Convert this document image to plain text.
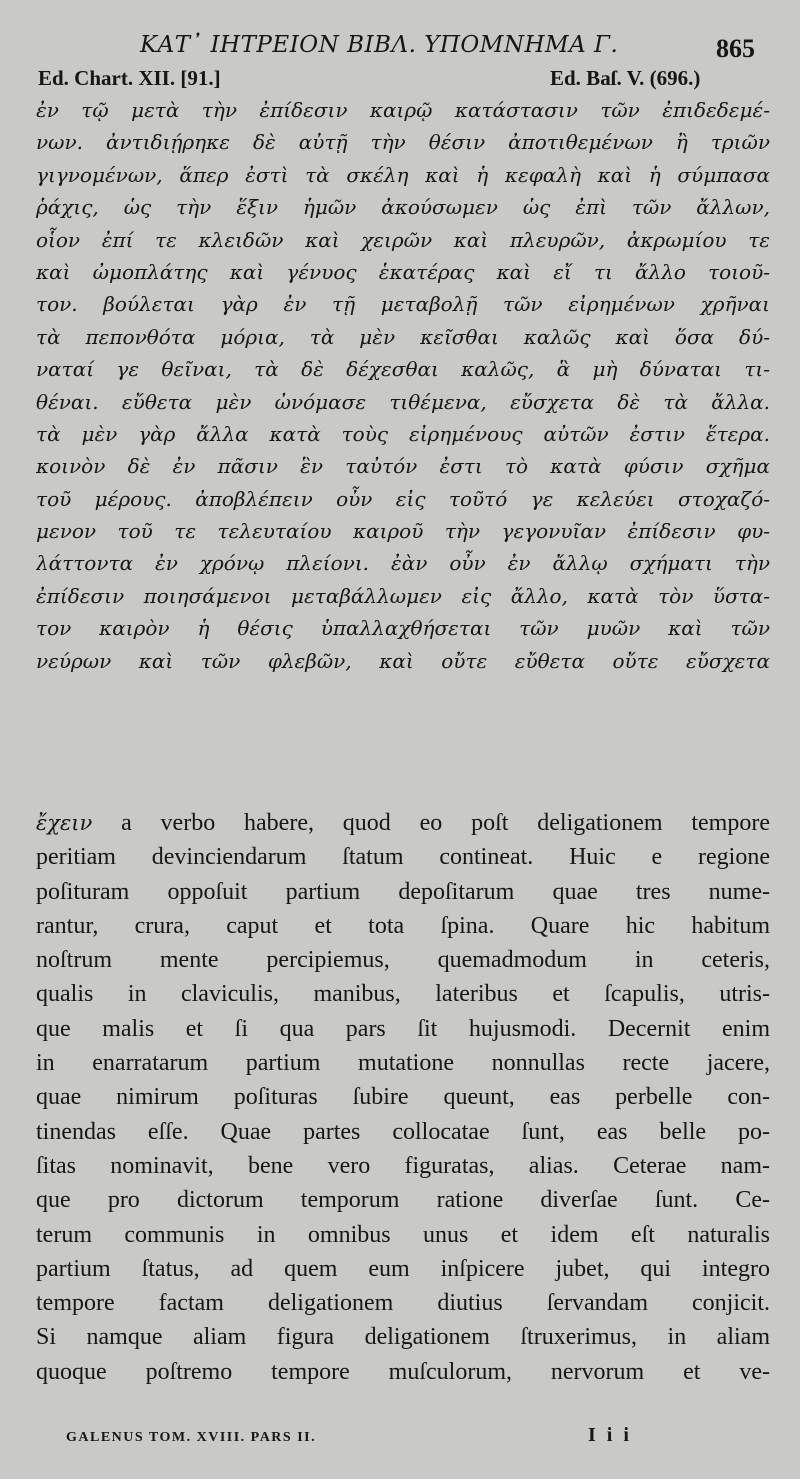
ΚΑΤ᾽ ΙΗΤΡΕΙΟΝ ΒΙΒΛ. ΥΠΟΜΝΗΜΑ Γ.	865
Ed. Chart. XII. [91.]	Ed. Baſ. V. (696.)
ἐν τῷ μετὰ τὴν ἐπίδεσιν καιρῷ κατάστασιν τῶν ἐπιδεδεμέ-
νων. ἀντιδιῄρηκε δὲ αὐτῇ τὴν θέσιν ἀποτιθεμένων ἢ τριῶν
γιγνομένων, ἅπερ ἐστὶ τὰ σκέλη καὶ ἡ κεφαλὴ καὶ ἡ σύμπασα
ῥάχις, ὡς τὴν ἕξιν ἡμῶν ἀκούσωμεν ὡς ἐπὶ τῶν ἄλλων,
οἷον ἐπί τε κλειδῶν καὶ χειρῶν καὶ πλευρῶν, ἀκρωμίου τε
καὶ ὠμοπλάτης καὶ γένυος ἑκατέρας καὶ εἴ τι ἄλλο τοιοῦ-
τον. βούλεται γὰρ ἐν τῇ μεταβολῇ τῶν εἰρημένων χρῆναι
τὰ πεπονθότα μόρια, τὰ μὲν κεῖσθαι καλῶς καὶ ὅσα δύ-
ναταί γε θεῖναι, τὰ δὲ δέχεσθαι καλῶς, ἃ μὴ δύναται τι-
θέναι. εὔθετα μὲν ὠνόμασε τιθέμενα, εὔσχετα δὲ τὰ ἄλλα.
τὰ μὲν γὰρ ἄλλα κατὰ τοὺς εἰρημένους αὐτῶν ἐστιν ἕτερα.
κοινὸν δὲ ἐν πᾶσιν ἓν ταὐτόν ἐστι τὸ κατὰ φύσιν σχῆμα
τοῦ μέρους. ἀποβλέπειν οὖν εἰς τοῦτό γε κελεύει στοχαζό-
μενον τοῦ τε τελευταίου καιροῦ τὴν γεγονυῖαν ἐπίδεσιν φυ-
λάττοντα ἐν χρόνῳ πλείονι. ἐὰν οὖν ἐν ἄλλῳ σχήματι τὴν
ἐπίδεσιν ποιησάμενοι μεταβάλλωμεν εἰς ἄλλο, κατὰ τὸν ὕστα-
τον καιρὸν ἡ θέσις ὑπαλλαχθήσεται τῶν μυῶν καὶ τῶν
νεύρων καὶ τῶν φλεβῶν, καὶ οὔτε εὔθετα οὔτε εὔσχετα
ἔχειν a verbo habere, quod eo poſt deligationem tempore
peritiam devinciendarum ſtatum contineat. Huic e regione
poſituram oppoſuit partium depoſitarum quae tres nume-
rantur, crura, caput et tota ſpina. Quare hic habitum
noſtrum mente percipiemus, quemadmodum in ceteris,
qualis in claviculis, manibus, lateribus et ſcapulis, utris-
que malis et ſi qua pars ſit hujusmodi. Decernit enim
in enarratarum partium mutatione nonnullas recte jacere,
quae nimirum poſituras ſubire queunt, eas perbelle con-
tinendas eſſe. Quae partes collocatae ſunt, eas belle po-
ſitas nominavit, bene vero figuratas, alias. Ceterae nam-
que pro dictorum temporum ratione diverſae ſunt. Ce-
terum communis in omnibus unus et idem eſt naturalis
partium ſtatus, ad quem eum inſpicere jubet, qui integro
tempore factam deligationem diutius ſervandam conjicit.
Si namque aliam figura deligationem ſtruxerimus, in aliam
quoque poſtremo tempore muſculorum, nervorum et ve-
GALENUS TOM. XVIII. PARS II.	I i i
